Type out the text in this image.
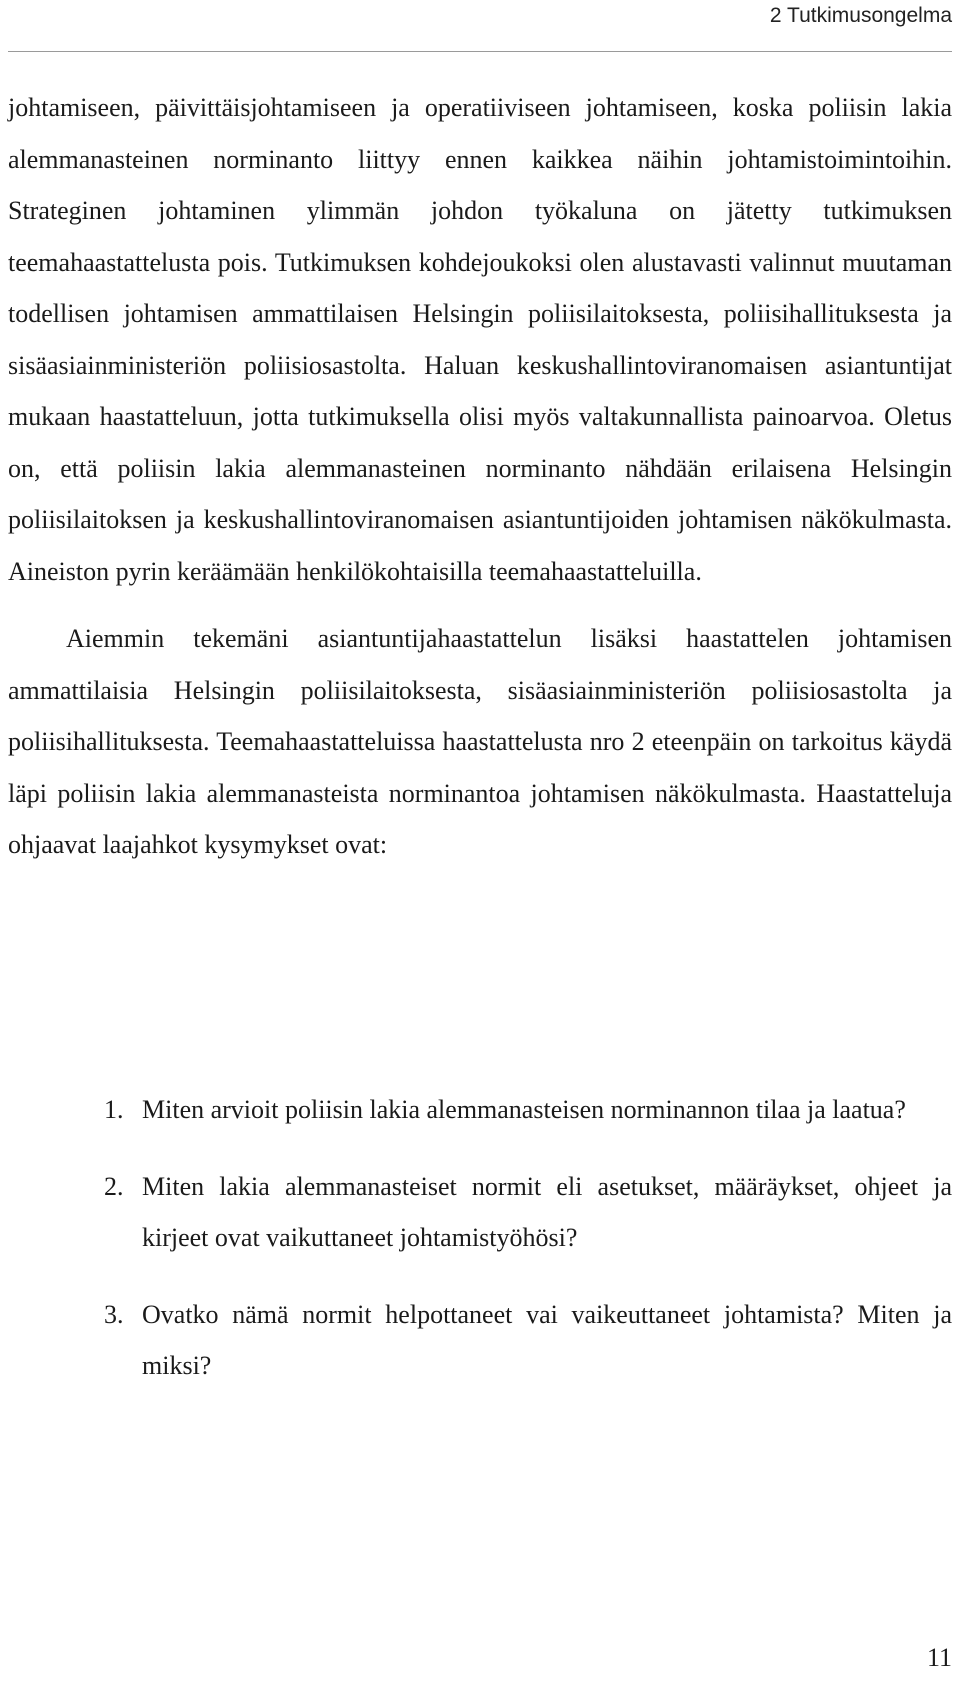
2 Tutkimusongelma

johtamiseen, päivittäisjohtamiseen ja operatiiviseen johtamiseen, koska poliisin lakia alemmanasteinen norminanto liittyy ennen kaikkea näihin johtamistoimintoihin. Strateginen johtaminen ylimmän johdon työkaluna on jätetty tutkimuksen teemahaastattelusta pois. Tutkimuksen kohdejoukoksi olen alustavasti valinnut muutaman todellisen johtamisen ammattilaisen Helsingin poliisilaitoksesta, poliisihallituksesta ja sisäasiainministeriön poliisiosastolta. Haluan keskushallintoviranomaisen asiantuntijat mukaan haastatteluun, jotta tutkimuksella olisi myös valtakunnallista painoarvoa. Oletus on, että poliisin lakia alemmanasteinen norminanto nähdään erilaisena Helsingin poliisilaitoksen ja keskushallintoviranomaisen asiantuntijoiden johtamisen näkökulmasta. Aineiston pyrin keräämään henkilökohtaisilla teemahaastatteluilla.

Aiemmin tekemäni asiantuntijahaastattelun lisäksi haastattelen johtamisen ammattilaisia Helsingin poliisilaitoksesta, sisäasiainministeriön poliisiosastolta ja poliisihallituksesta. Teemahaastatteluissa haastattelusta nro 2 eteenpäin on tarkoitus käydä läpi poliisin lakia alemmanasteista norminantoa johtamisen näkökulmasta. Haastatteluja ohjaavat laajahkot kysymykset ovat:

1. Miten arvioit poliisin lakia alemmanasteisen norminannon tilaa ja laatua?
2. Miten lakia alemmanasteiset normit eli asetukset, määräykset, ohjeet ja kirjeet ovat vaikuttaneet johtamistyöhösi?
3. Ovatko nämä normit helpottaneet vai vaikeuttaneet johtamista? Miten ja miksi?
11
